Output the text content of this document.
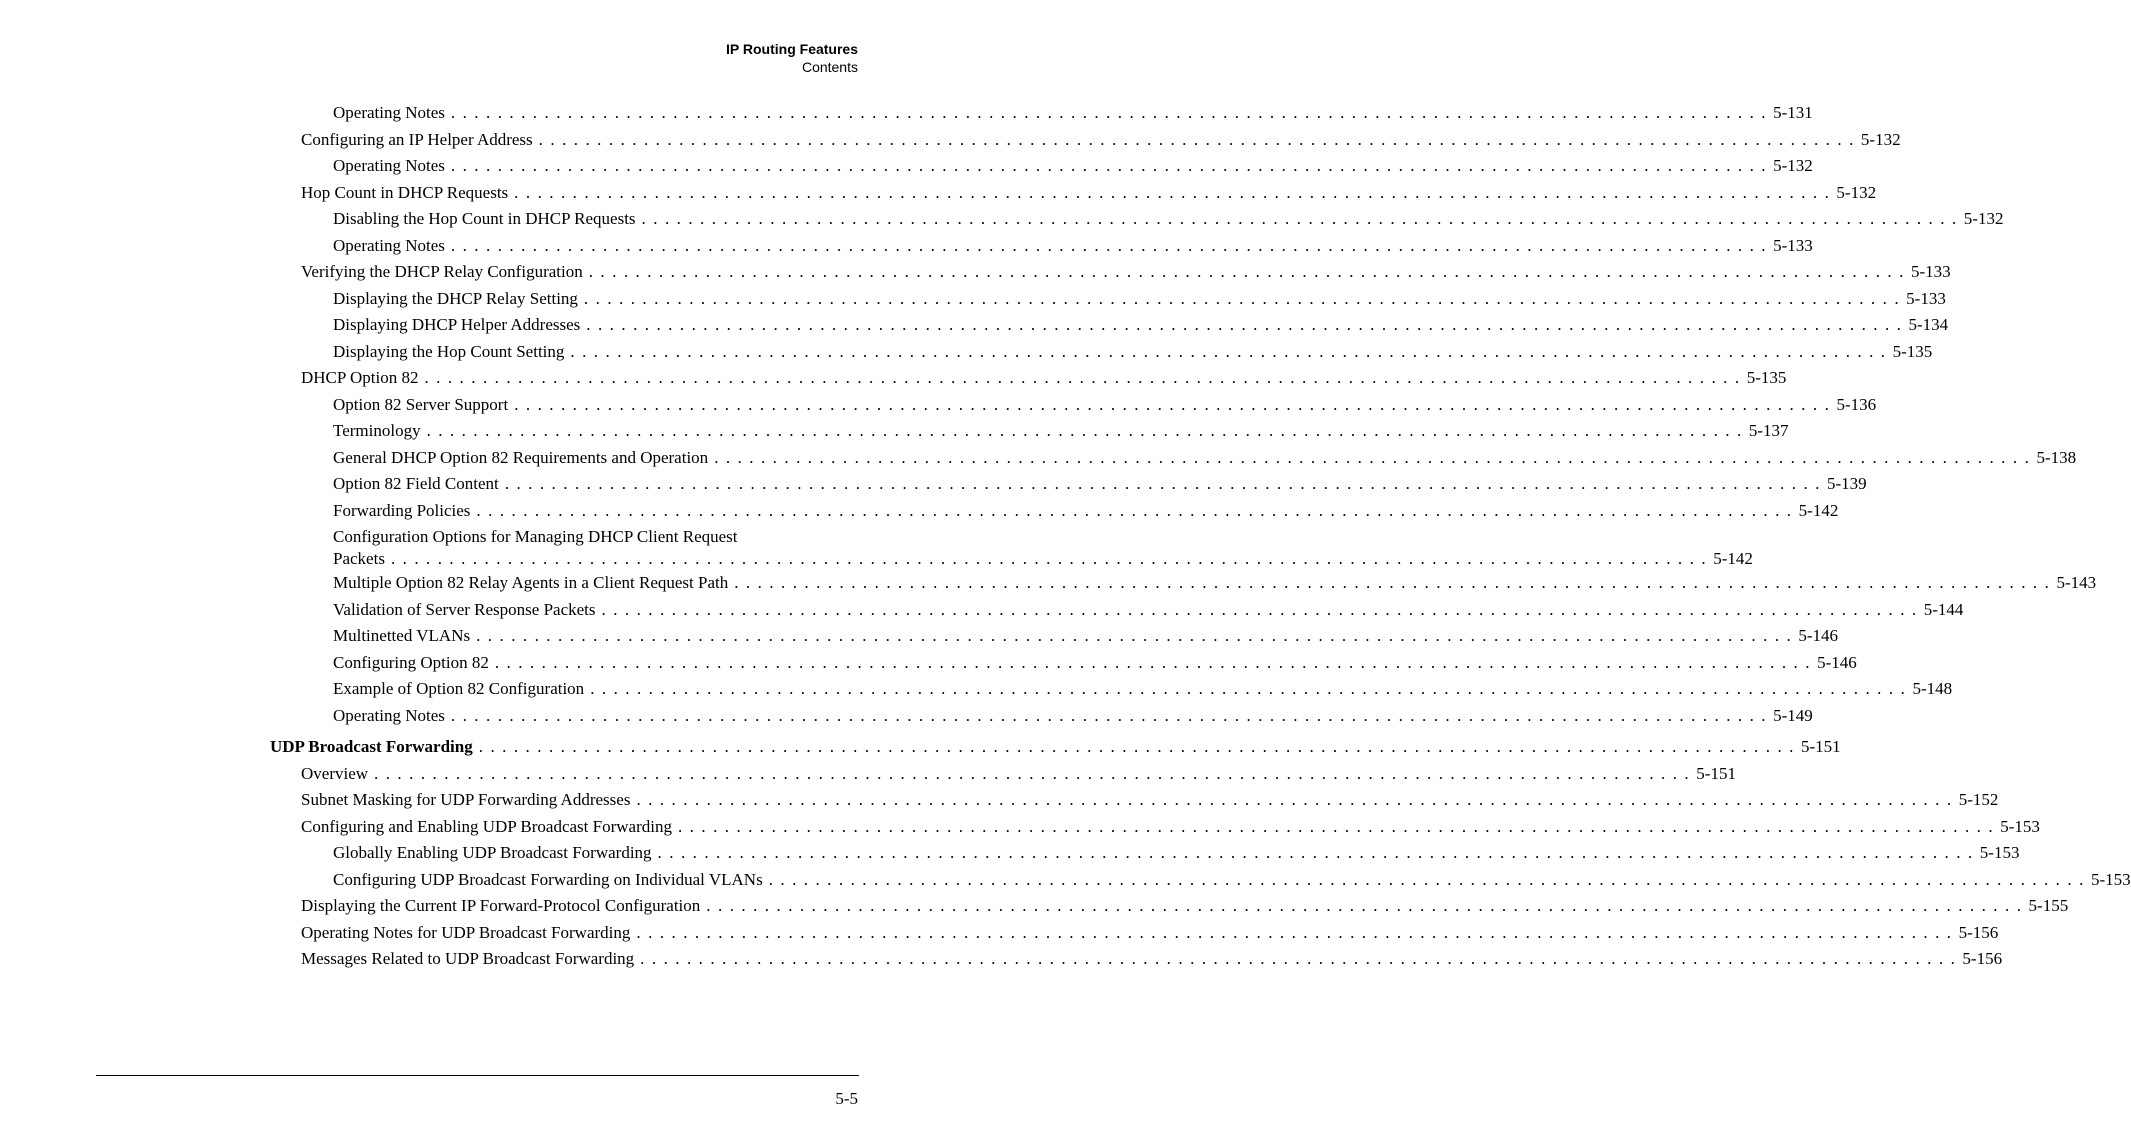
IP Routing Features
Contents
Operating Notes . . .	5-131
Configuring an IP Helper Address . . .	5-132
Operating Notes . . .	5-132
Hop Count in DHCP Requests . . .	5-132
Disabling the Hop Count in DHCP Requests . . .	5-132
Operating Notes . . .	5-133
Verifying the DHCP Relay Configuration . . .	5-133
Displaying the DHCP Relay Setting . . .	5-133
Displaying DHCP Helper Addresses . . .	5-134
Displaying the Hop Count Setting . . .	5-135
DHCP Option 82 . . .	5-135
Option 82 Server Support . . .	5-136
Terminology . . .	5-137
General DHCP Option 82 Requirements and Operation . . .	5-138
Option 82 Field Content . . .	5-139
Forwarding Policies . . .	5-142
Configuration Options for Managing DHCP Client Request
Packets . . .	5-142
Multiple Option 82 Relay Agents in a Client Request Path . . .	5-143
Validation of Server Response Packets . . .	5-144
Multinetted VLANs . . .	5-146
Configuring Option 82 . . .	5-146
Example of Option 82 Configuration . . .	5-148
Operating Notes . . .	5-149
UDP Broadcast Forwarding . . .	5-151
Overview . . .	5-151
Subnet Masking for UDP Forwarding Addresses . . .	5-152
Configuring and Enabling UDP Broadcast Forwarding . . .	5-153
Globally Enabling UDP Broadcast Forwarding . . .	5-153
Configuring UDP Broadcast Forwarding on Individual VLANs . . .	5-153
Displaying the Current IP Forward-Protocol Configuration . . .	5-155
Operating Notes for UDP Broadcast Forwarding . . .	5-156
Messages Related to UDP Broadcast Forwarding . . .	5-156
5-5
